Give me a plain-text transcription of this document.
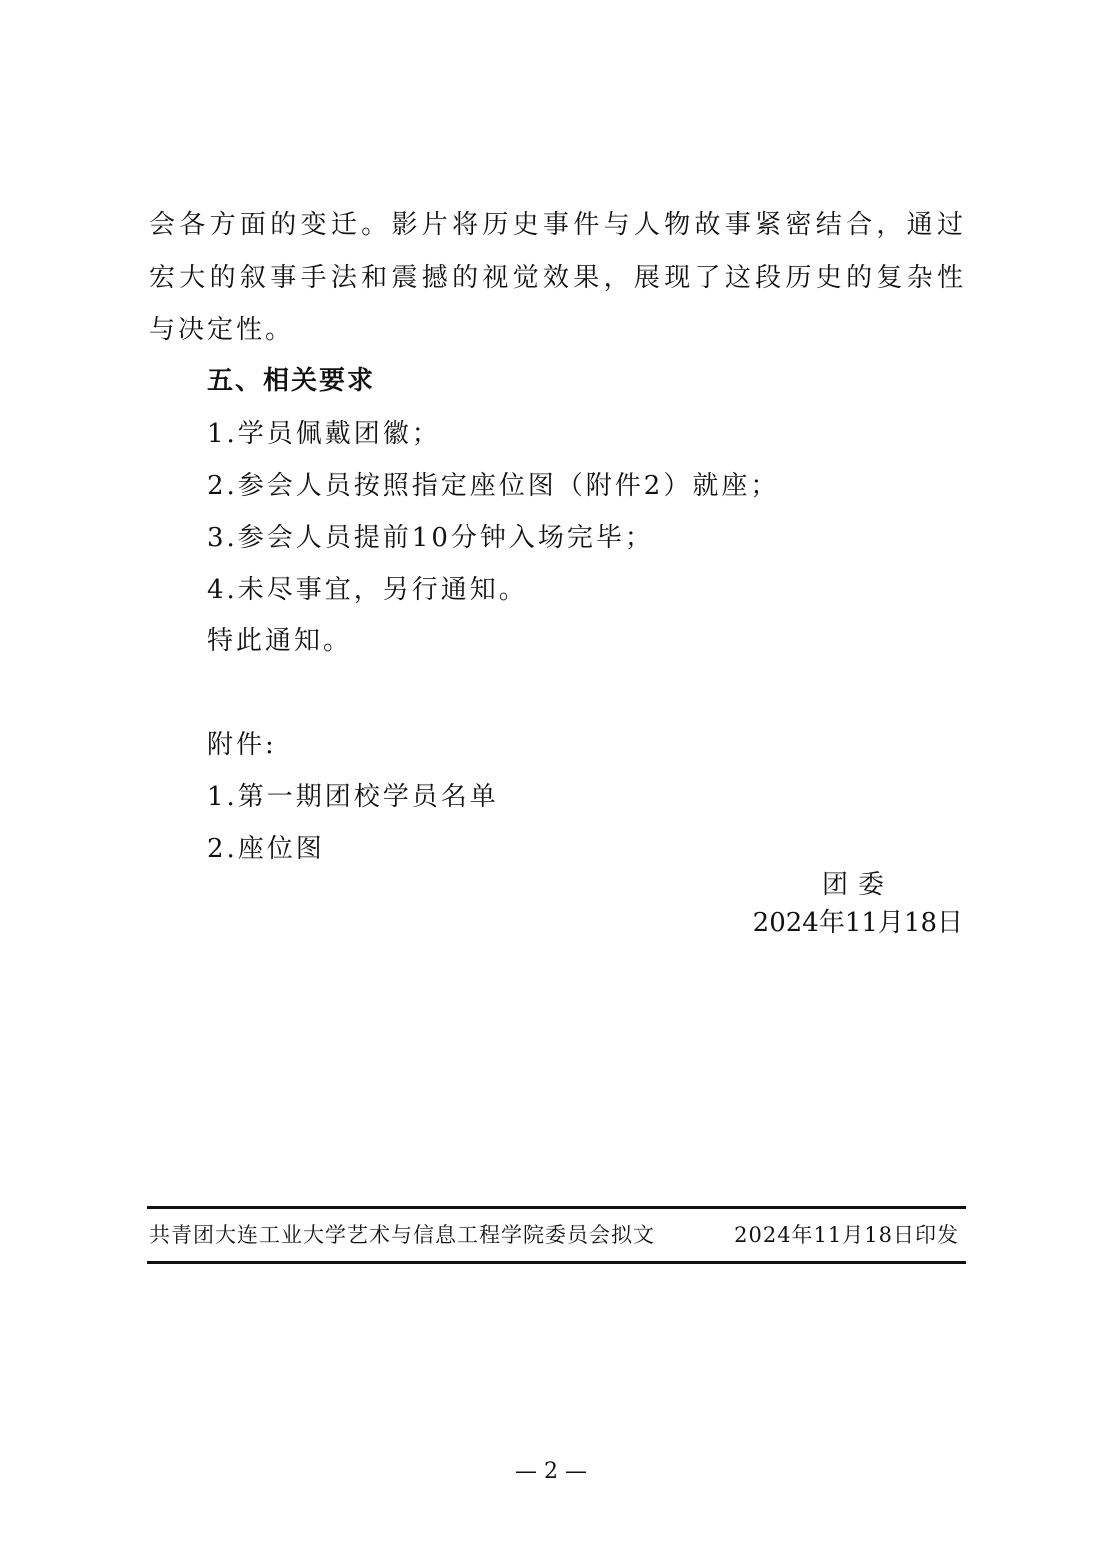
会各方面的变迁。影片将历史事件与人物故事紧密结合，通过
宏大的叙事手法和震撼的视觉效果，展现了这段历史的复杂性
与决定性。
五、相关要求
1.学员佩戴团徽；
2.参会人员按照指定座位图（附件2）就座；
3.参会人员提前10分钟入场完毕；
4.未尽事宜，另行通知。
特此通知。
附件:
1.第一期团校学员名单
2.座位图
团委
2024年11月18日
共青团大连工业大学艺术与信息工程学院委员会拟文	2024年11月18日印发
— 2 —
